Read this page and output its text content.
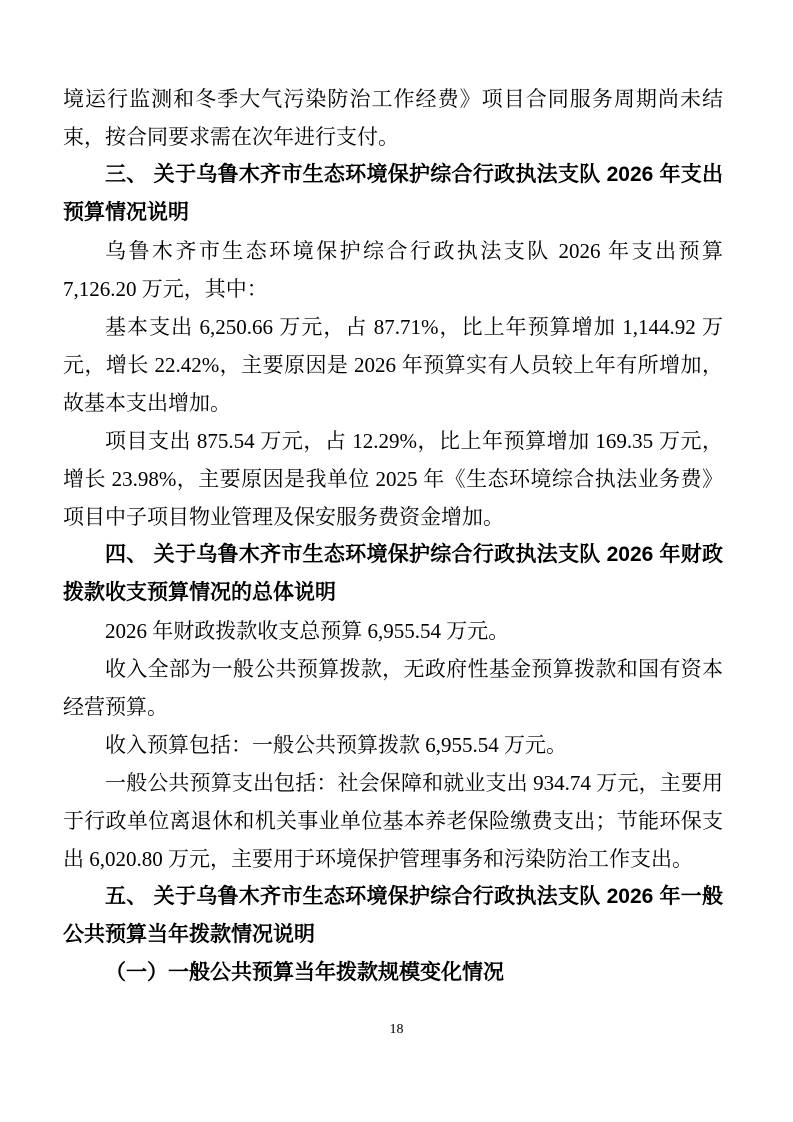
境运行监测和冬季大气污染防治工作经费》项目合同服务周期尚未结束，按合同要求需在次年进行支付。

三、 关于乌鲁木齐市生态环境保护综合行政执法支队 2026 年支出预算情况说明

乌鲁木齐市生态环境保护综合行政执法支队 2026 年支出预算 7,126.20 万元，其中：

基本支出 6,250.66 万元，占 87.71%，比上年预算增加 1,144.92 万元，增长 22.42%，主要原因是 2026 年预算实有人员较上年有所增加，故基本支出增加。

项目支出 875.54 万元，占 12.29%，比上年预算增加 169.35 万元，增长 23.98%，主要原因是我单位 2025 年《生态环境综合执法业务费》项目中子项目物业管理及保安服务费资金增加。

四、 关于乌鲁木齐市生态环境保护综合行政执法支队 2026 年财政拨款收支预算情况的总体说明

2026 年财政拨款收支总预算 6,955.54 万元。

收入全部为一般公共预算拨款，无政府性基金预算拨款和国有资本经营预算。

收入预算包括：一般公共预算拨款 6,955.54 万元。

一般公共预算支出包括：社会保障和就业支出 934.74 万元，主要用于行政单位离退休和机关事业单位基本养老保险缴费支出；节能环保支出 6,020.80 万元，主要用于环境保护管理事务和污染防治工作支出。

五、 关于乌鲁木齐市生态环境保护综合行政执法支队 2026 年一般公共预算当年拨款情况说明

（一）一般公共预算当年拨款规模变化情况

18
